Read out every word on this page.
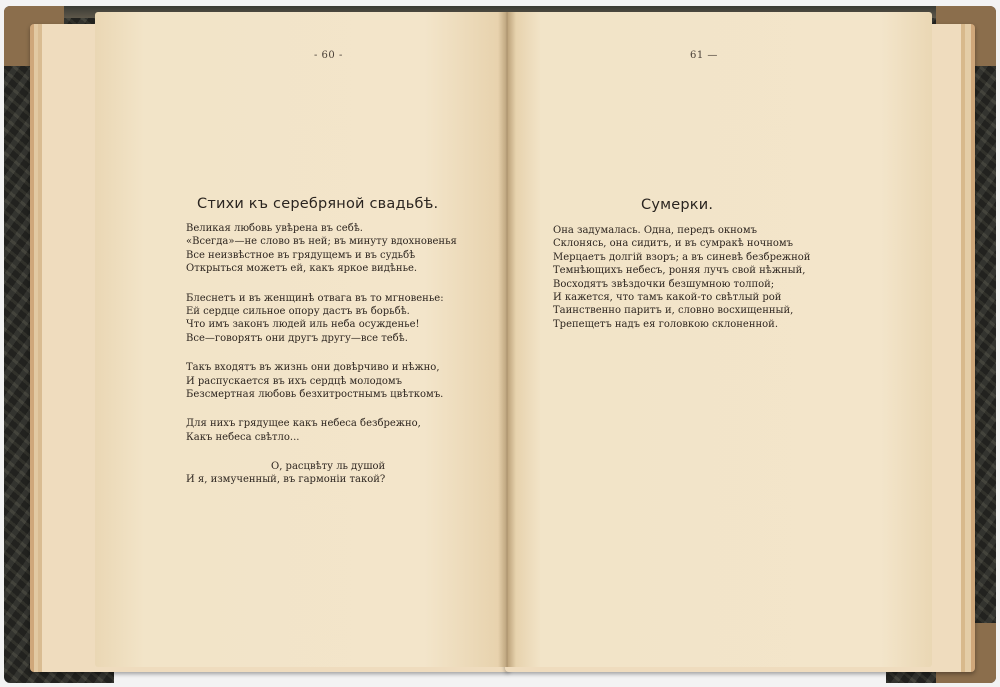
- 60 -	61 —
Стихи къ серебряной свадьбѣ.	Сумерки.
Великая любовь увѣрена въ себѣ.
«Всегда»—не слово въ ней; въ минуту вдохновенья
Все неизвѣстное въ грядущемъ и въ судьбѣ
Открыться можетъ ей, какъ яркое видѣнье.
Блеснетъ и въ женщинѣ отвага въ то мгновенье:
Ей сердце сильное опору дастъ въ борьбѣ.
Что имъ законъ людей иль неба осужденье!
Все—говорятъ они другъ другу—все тебѣ.
Такъ входятъ въ жизнь они довѣрчиво и нѣжно,
И распускается въ ихъ сердцѣ молодомъ
Безсмертная любовь безхитростнымъ цвѣткомъ.
Для нихъ грядущее какъ небеса безбрежно,
Какъ небеса свѣтло...
О, расцвѣту ль душой
И я, измученный, въ гармоніи такой?
Она задумалась. Одна, передъ окномъ
Склонясь, она сидитъ, и въ сумракѣ ночномъ
Мерцаетъ долгій взоръ; а въ синевѣ безбрежной
Темнѣющихъ небесъ, роняя лучъ свой нѣжный,
Восходятъ звѣздочки безшумною толпой;
И кажется, что тамъ какой-то свѣтлый рой
Таинственно паритъ и, словно восхищенный,
Трепещетъ надъ ея головкою склоненной.
